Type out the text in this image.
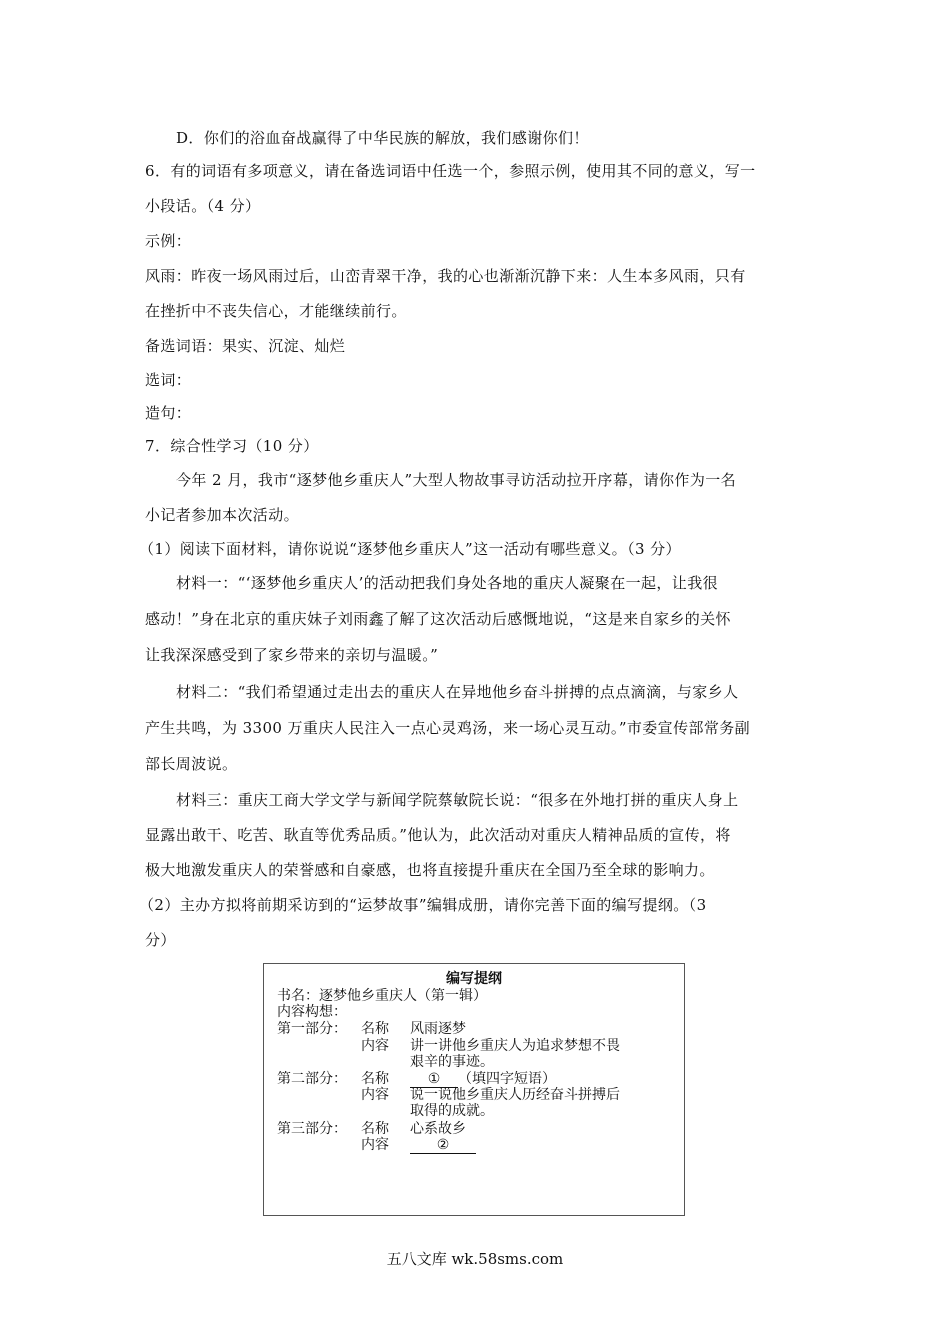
D．你们的浴血奋战赢得了中华民族的解放，我们感谢你们！
6．有的词语有多项意义，请在备选词语中任选一个，参照示例，使用其不同的意义，写一
小段话。（4 分）
示例：
风雨：昨夜一场风雨过后，山峦青翠干净，我的心也渐渐沉静下来：人生本多风雨，只有
在挫折中不丧失信心，才能继续前行。
备选词语：果实、沉淀、灿烂
选词：
造句：
7．综合性学习（10 分）
今年 2 月，我市“逐梦他乡重庆人”大型人物故事寻访活动拉开序幕，请你作为一名
小记者参加本次活动。
（1）阅读下面材料，请你说说“逐梦他乡重庆人”这一活动有哪些意义。（3 分）
材料一：“‘逐梦他乡重庆人’的活动把我们身处各地的重庆人凝聚在一起，让我很
感动！”身在北京的重庆妹子刘雨鑫了解了这次活动后感慨地说，“这是来自家乡的关怀
让我深深感受到了家乡带来的亲切与温暖。”
材料二：“我们希望通过走出去的重庆人在异地他乡奋斗拼搏的点点滴滴，与家乡人
产生共鸣，为 3300 万重庆人民注入一点心灵鸡汤，来一场心灵互动。”市委宣传部常务副
部长周波说。
材料三：重庆工商大学文学与新闻学院蔡敏院长说：“很多在外地打拼的重庆人身上
显露出敢干、吃苦、耿直等优秀品质。”他认为，此次活动对重庆人精神品质的宣传，将
极大地激发重庆人的荣誉感和自豪感，也将直接提升重庆在全国乃至全球的影响力。
（2）主办方拟将前期采访到的“运梦故事”编辑成册，请你完善下面的编写提纲。（3
分）
编写提纲
书名：逐梦他乡重庆人（第一辑）
内容构想：
第一部分： 名称 风雨逐梦
内容 讲一讲他乡重庆人为追求梦想不畏
艰辛的事迹。
第二部分： 名称	① （填四字短语）
内容 说一说他乡重庆人历经奋斗拼搏后
取得的成就。
第三部分： 名称 心系故乡
内容	②
五八文库 wk.58sms.com
